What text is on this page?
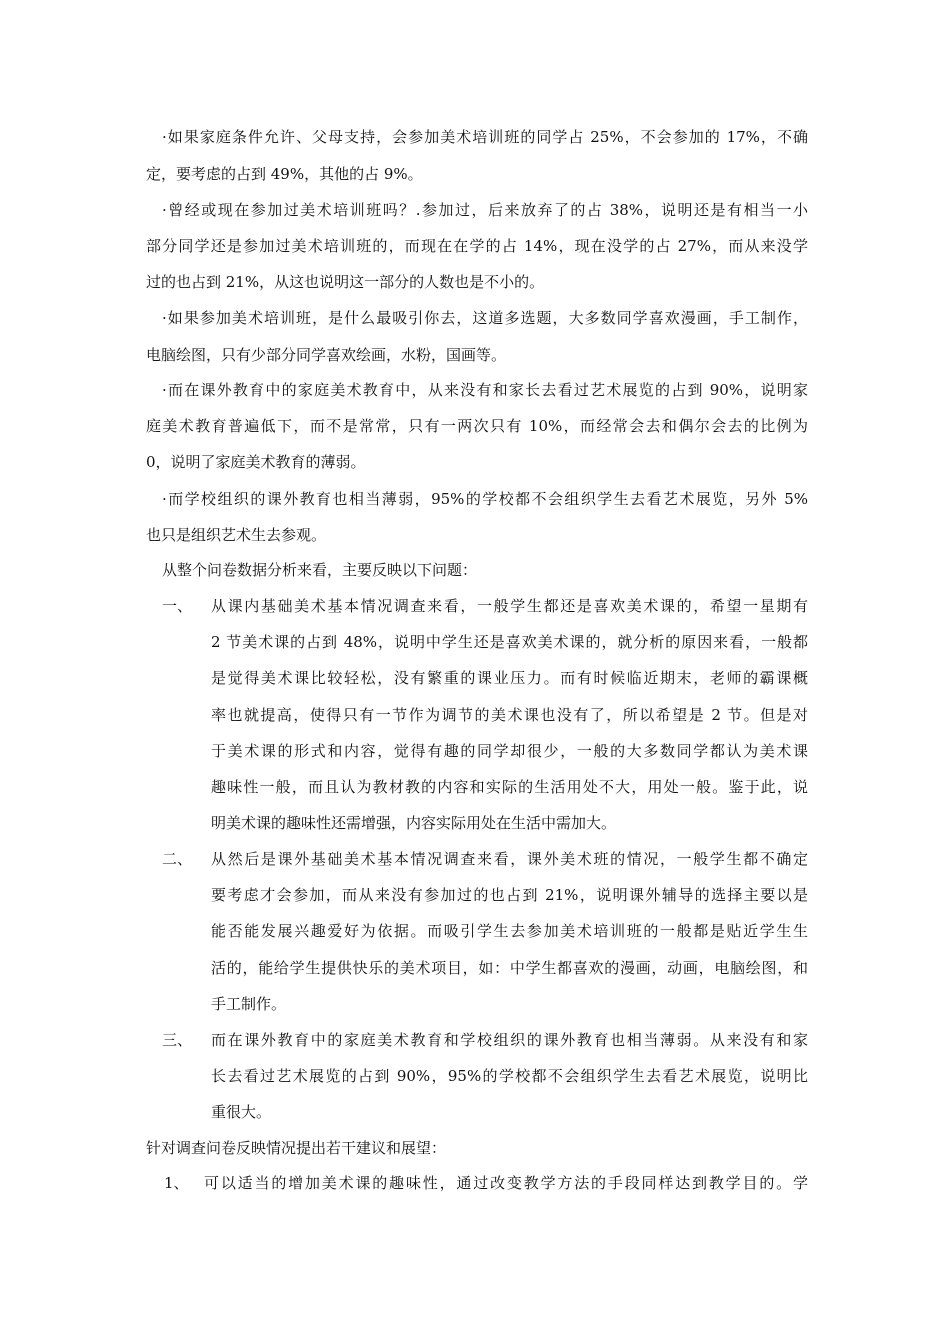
·如果家庭条件允许、父母支持，会参加美术培训班的同学占 25%，不会参加的 17%，不确
定，要考虑的占到 49%，其他的占 9%。
·曾经或现在参加过美术培训班吗？.参加过，后来放弃了的占 38%，说明还是有相当一小
部分同学还是参加过美术培训班的，而现在在学的占 14%，现在没学的占 27%，而从来没学
过的也占到 21%，从这也说明这一部分的人数也是不小的。
·如果参加美术培训班，是什么最吸引你去，这道多选题，大多数同学喜欢漫画，手工制作，
电脑绘图，只有少部分同学喜欢绘画，水粉，国画等。
·而在课外教育中的家庭美术教育中，从来没有和家长去看过艺术展览的占到 90%，说明家
庭美术教育普遍低下，而不是常常，只有一两次只有 10%，而经常会去和偶尔会去的比例为
0，说明了家庭美术教育的薄弱。
·而学校组织的课外教育也相当薄弱，95%的学校都不会组织学生去看艺术展览，另外 5%
也只是组织艺术生去参观。
从整个问卷数据分析来看，主要反映以下问题：
一、 从课内基础美术基本情况调查来看，一般学生都还是喜欢美术课的，希望一星期有
2 节美术课的占到 48%，说明中学生还是喜欢美术课的，就分析的原因来看，一般都
是觉得美术课比较轻松，没有繁重的课业压力。而有时候临近期末，老师的霸课概
率也就提高，使得只有一节作为调节的美术课也没有了，所以希望是 2 节。但是对
于美术课的形式和内容，觉得有趣的同学却很少，一般的大多数同学都认为美术课
趣味性一般，而且认为教材教的内容和实际的生活用处不大，用处一般。鉴于此，说
明美术课的趣味性还需增强，内容实际用处在生活中需加大。
二、 从然后是课外基础美术基本情况调查来看，课外美术班的情况，一般学生都不确定
要考虑才会参加，而从来没有参加过的也占到 21%，说明课外辅导的选择主要以是
能否能发展兴趣爱好为依据。而吸引学生去参加美术培训班的一般都是贴近学生生
活的，能给学生提供快乐的美术项目，如：中学生都喜欢的漫画，动画，电脑绘图，和
手工制作。
三、 而在课外教育中的家庭美术教育和学校组织的课外教育也相当薄弱。从来没有和家
长去看过艺术展览的占到 90%，95%的学校都不会组织学生去看艺术展览，说明比
重很大。
针对调查问卷反映情况提出若干建议和展望：
1、 可以适当的增加美术课的趣味性，通过改变教学方法的手段同样达到教学目的。学
